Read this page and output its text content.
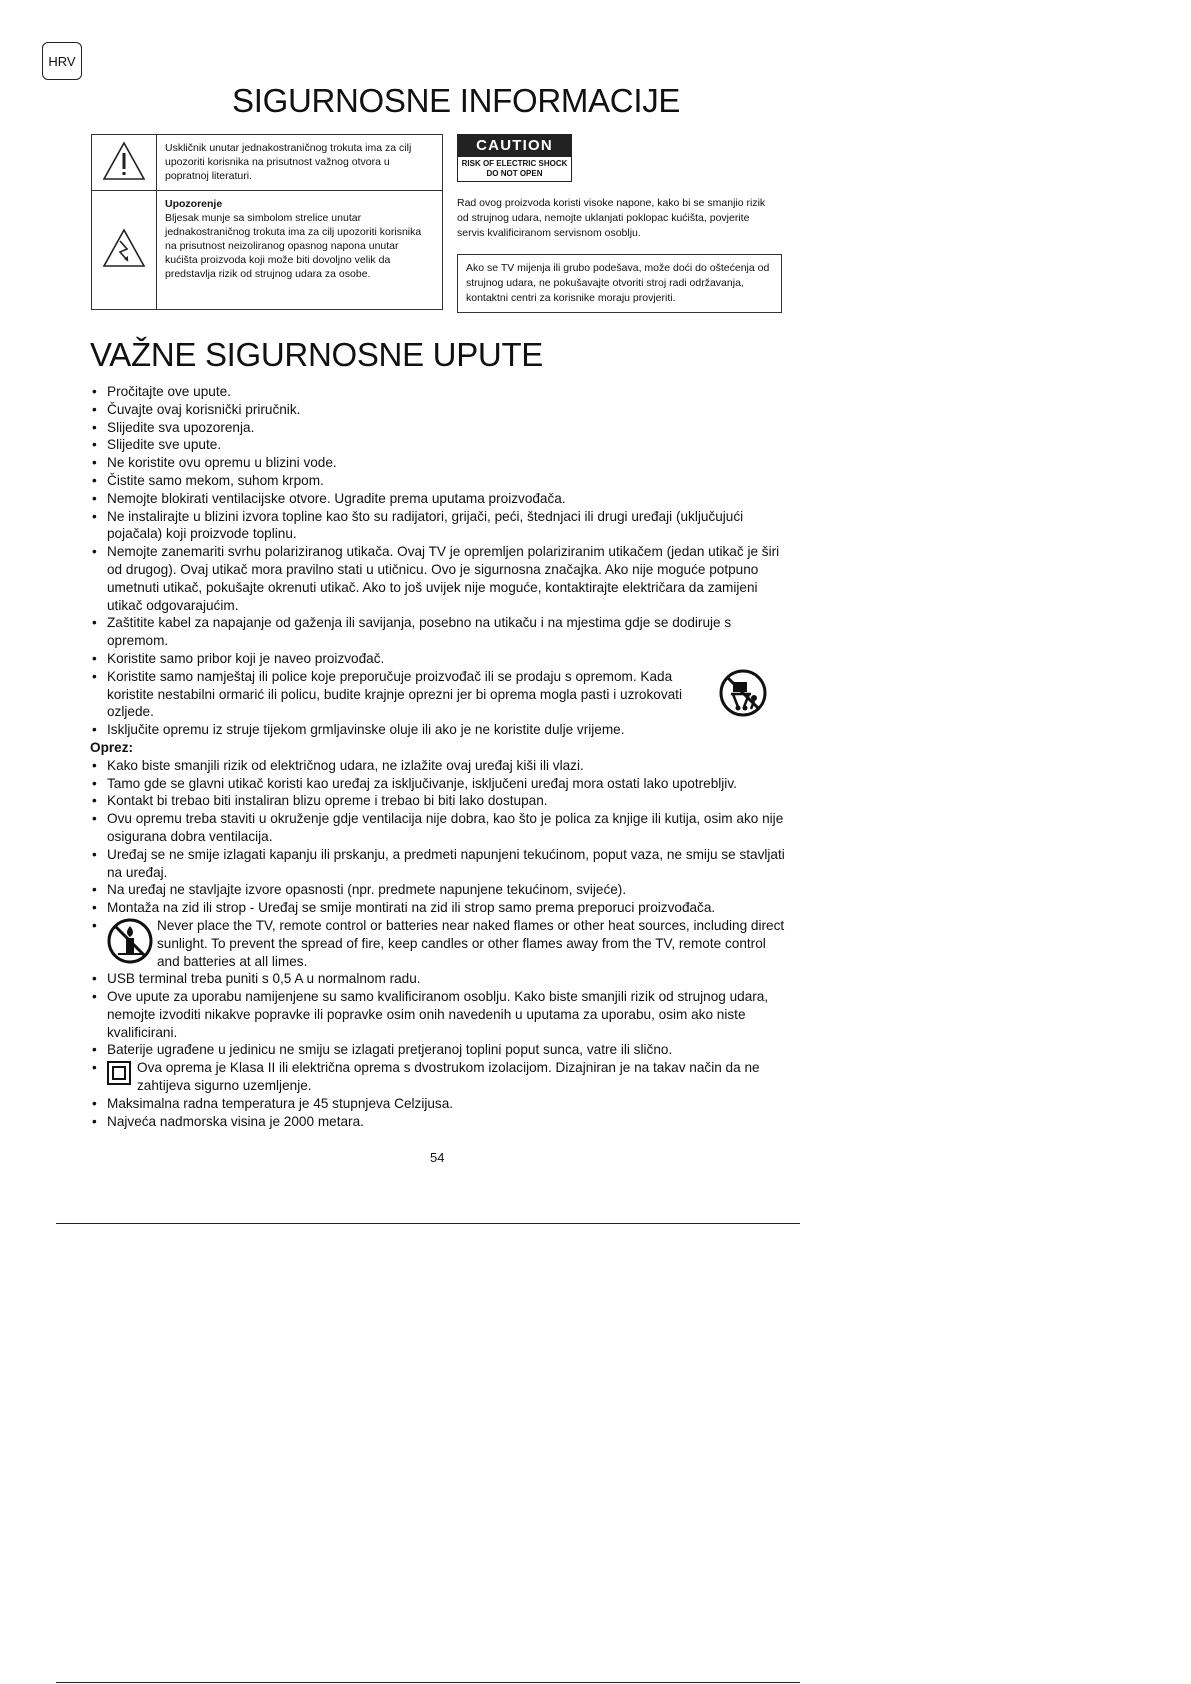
HRV
SIGURNOSNE INFORMACIJE
	Uskličnik unutar jednakostraničnog trokuta ima za cilj upozoriti korisnika na prisutnost važnog otvora u popratnoj literaturi.

Upozorenje
Bljesak munje sa simbolom strelice unutar jednakostraničnog trokuta ima za cilj upozoriti korisnika na prisutnost neizoliranog opasnog napona unutar kućišta proizvoda koji može biti dovoljno velik da predstavlja rizik od strujnog udara za osobe.
CAUTION
RISK OF ELECTRIC SHOCK
DO NOT OPEN
Rad ovog proizvoda koristi visoke napone, kako bi se smanjio rizik od strujnog udara, nemojte uklanjati poklopac kućišta, povjerite servis kvalificiranom servisnom osoblju.
Ako se TV mijenja ili grubo podešava, može doći do oštećenja od strujnog udara, ne pokušavajte otvoriti stroj radi održavanja, kontaktni centri za korisnike moraju provjeriti.
VAŽNE SIGURNOSNE UPUTE
• Pročitajte ove upute.
• Čuvajte ovaj korisnički priručnik.
• Slijedite sva upozorenja.
• Slijedite sve upute.
• Ne koristite ovu opremu u blizini vode.
• Čistite samo mekom, suhom krpom.
• Nemojte blokirati ventilacijske otvore. Ugradite prema uputama proizvođača.
• Ne instalirajte u blizini izvora topline kao što su radijatori, grijači, peći, štednjaci ili drugi uređaji (uključujući pojačala) koji proizvode toplinu.
• Nemojte zanemariti svrhu polariziranog utikača. Ovaj TV je opremljen polariziranim utikačem (jedan utikač je širi od drugog). Ovaj utikač mora pravilno stati u utičnicu. Ovo je sigurnosna značajka. Ako nije moguće potpuno umetnuti utikač, pokušajte okrenuti utikač. Ako to još uvijek nije moguće, kontaktirajte električara da zamijeni utikač odgovarajućim.
• Zaštitite kabel za napajanje od gaženja ili savijanja, posebno na utikaču i na mjestima gdje se dodiruje s opremom.
• Koristite samo pribor koji je naveo proizvođač.
• Koristite samo namještaj ili police koje preporučuje proizvođač ili se prodaju s opremom. Kada koristite nestabilni ormarić ili policu, budite krajnje oprezni jer bi oprema mogla pasti i uzrokovati ozljede.
• Isključite opremu iz struje tijekom grmljavinske oluje ili ako je ne koristite dulje vrijeme.

Oprez:

• Kako biste smanjili rizik od električnog udara, ne izlažite ovaj uređaj kiši ili vlazi.
• Tamo gde se glavni utikač koristi kao uređaj za isključivanje, isključeni uređaj mora ostati lako upotrebljiv.
• Kontakt bi trebao biti instaliran blizu opreme i trebao bi biti lako dostupan.
• Ovu opremu treba staviti u okruženje gdje ventilacija nije dobra, kao što je polica za knjige ili kutija, osim ako nije osigurana dobra ventilacija.
• Uređaj se ne smije izlagati kapanju ili prskanju, a predmeti napunjeni tekućinom, poput vaza, ne smiju se stavljati na uređaj.
• Na uređaj ne stavljajte izvore opasnosti (npr. predmete napunjene tekućinom, svijeće).
• Montaža na zid ili strop - Uređaj se smije montirati na zid ili strop samo prema preporuci proizvođača.
• Never place the TV, remote control or batteries near naked flames or other heat sources, including direct sunlight. To prevent the spread of fire, keep candles or other flames away from the TV, remote control and batteries at all limes.
• USB terminal treba puniti s 0,5 A u normalnom radu.
• Ove upute za uporabu namijenjene su samo kvalificiranom osoblju. Kako biste smanjili rizik od strujnog udara, nemojte izvoditi nikakve popravke ili popravke osim onih navedenih u uputama za uporabu, osim ako niste kvalificirani.
• Baterije ugrađene u jedinicu ne smiju se izlagati pretjeranoj toplini poput sunca, vatre ili slično.
• Ova oprema je Klasa II ili električna oprema s dvostrukom izolacijom. Dizajniran je na takav način da ne zahtijeva sigurno uzemljenje.
• Maksimalna radna temperatura je 45 stupnjeva Celzijusa.
• Najveća nadmorska visina je 2000 metara.
54
